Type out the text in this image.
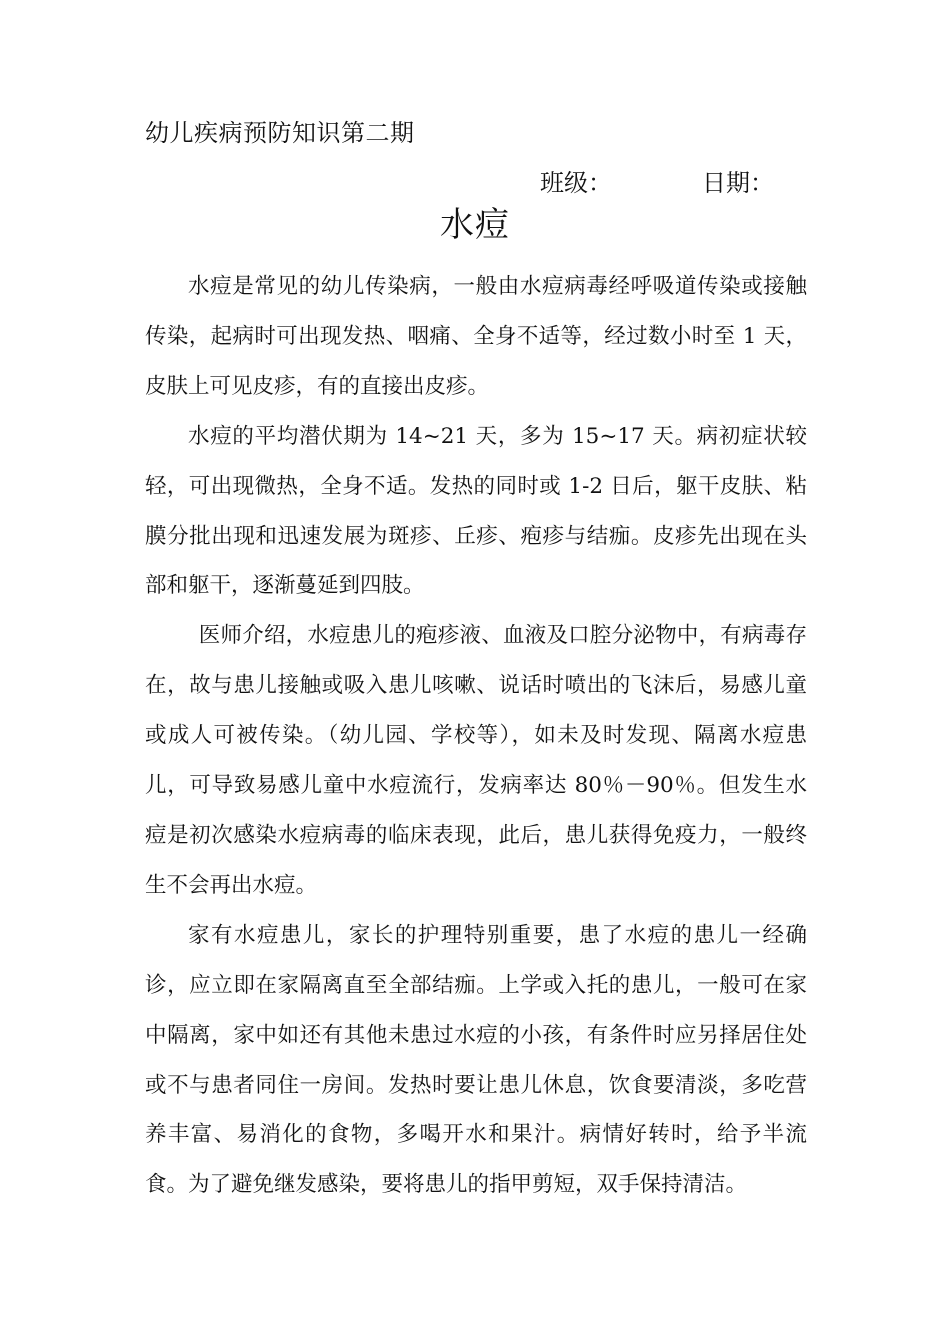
幼儿疾病预防知识第二期
班级：	日期：
水痘

水痘是常见的幼儿传染病，一般由水痘病毒经呼吸道传染或接触传染，起病时可出现发热、咽痛、全身不适等，经过数小时至 1 天，皮肤上可见皮疹，有的直接出皮疹。

水痘的平均潜伏期为 14~21 天，多为 15~17 天。病初症状较轻，可出现微热，全身不适。发热的同时或 1-2 日后，躯干皮肤、粘膜分批出现和迅速发展为斑疹、丘疹、疱疹与结痂。皮疹先出现在头部和躯干，逐渐蔓延到四肢。

医师介绍，水痘患儿的疱疹液、血液及口腔分泌物中，有病毒存在，故与患儿接触或吸入患儿咳嗽、说话时喷出的飞沫后，易感儿童或成人可被传染。（幼儿园、学校等），如未及时发现、隔离水痘患儿，可导致易感儿童中水痘流行，发病率达 80％－90％。但发生水痘是初次感染水痘病毒的临床表现，此后，患儿获得免疫力，一般终生不会再出水痘。

家有水痘患儿，家长的护理特别重要，患了水痘的患儿一经确诊，应立即在家隔离直至全部结痂。上学或入托的患儿，一般可在家中隔离，家中如还有其他未患过水痘的小孩，有条件时应另择居住处或不与患者同住一房间。发热时要让患儿休息，饮食要清淡，多吃营养丰富、易消化的食物，多喝开水和果汁。病情好转时，给予半流食。为了避免继发感染，要将患儿的指甲剪短，双手保持清洁。
